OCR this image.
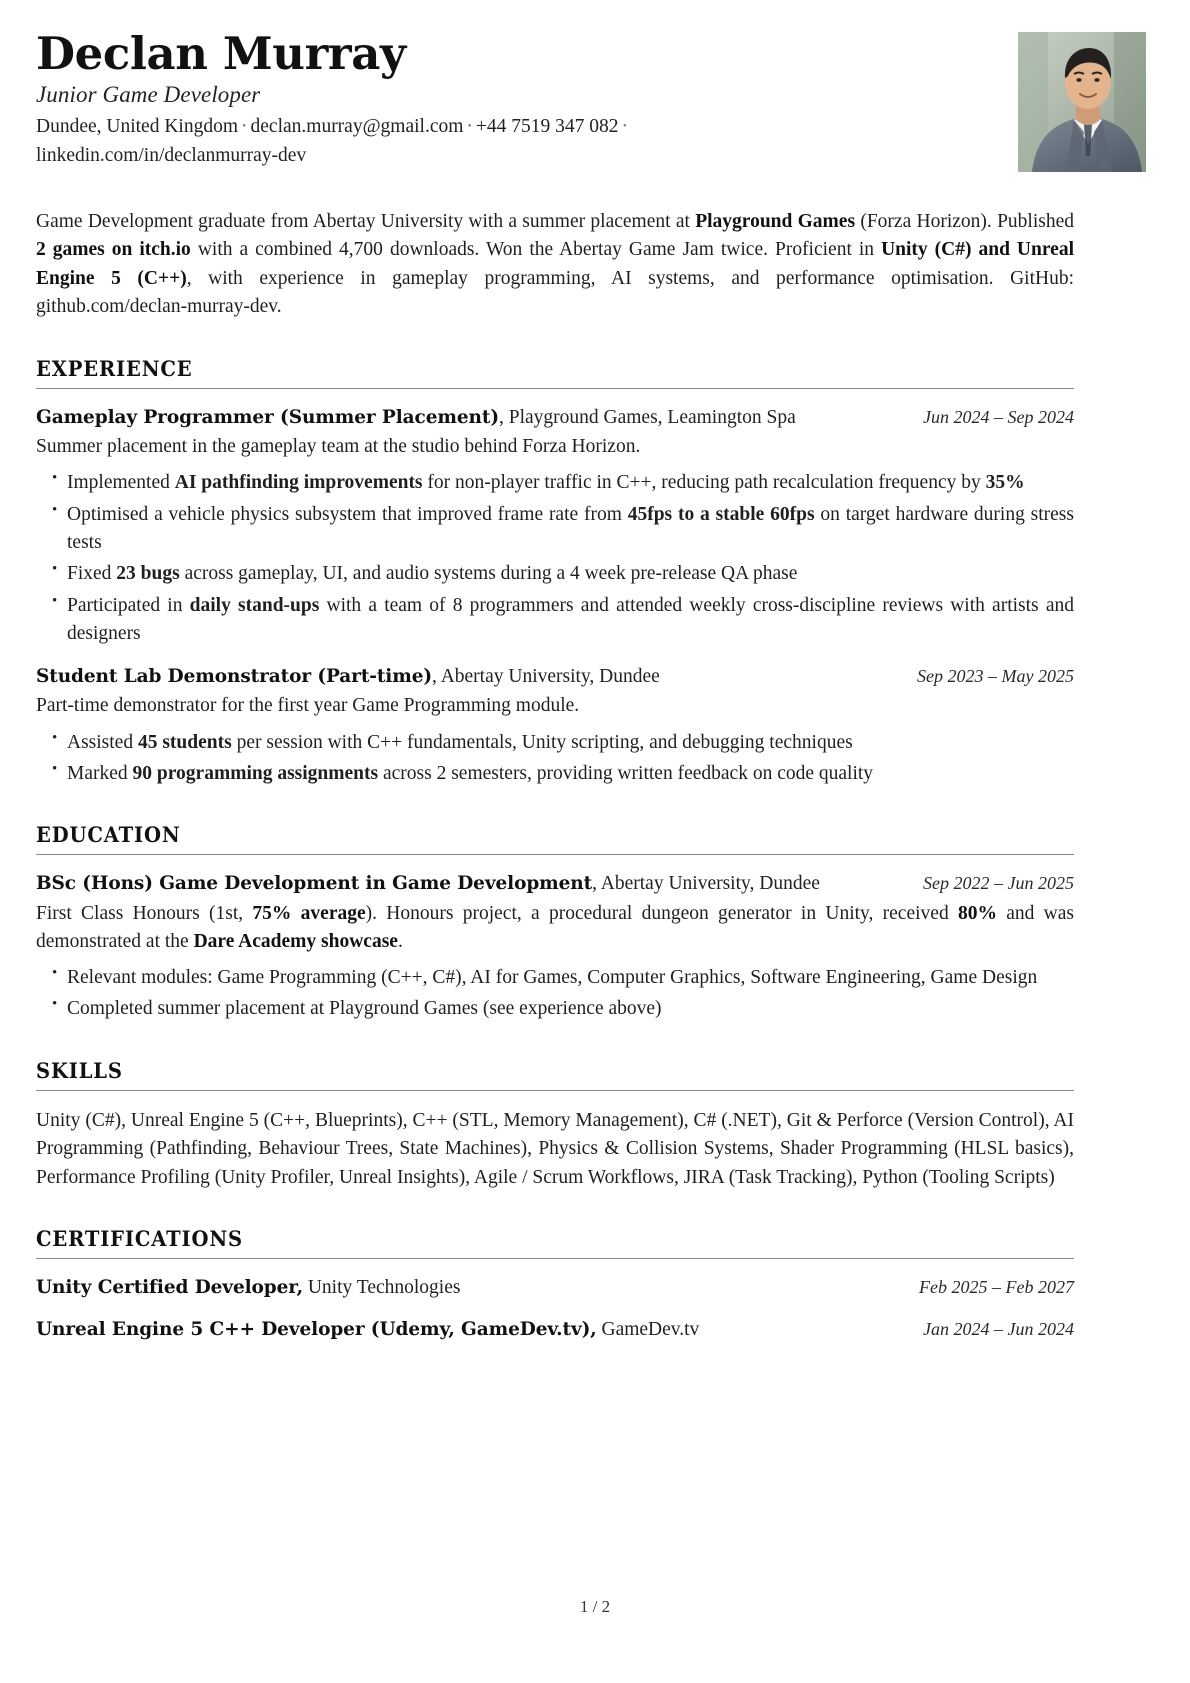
Declan Murray
Junior Game Developer
Dundee, United Kingdom · declan.murray@gmail.com · +44 7519 347 082 · linkedin.com/in/declanmurray-dev
Game Development graduate from Abertay University with a summer placement at Playground Games (Forza Horizon). Published 2 games on itch.io with a combined 4,700 downloads. Won the Abertay Game Jam twice. Proficient in Unity (C#) and Unreal Engine 5 (C++), with experience in gameplay programming, AI systems, and performance optimisation. GitHub: github.com/declan-murray-dev.
EXPERIENCE
Gameplay Programmer (Summer Placement), Playground Games, Leamington Spa	Jun 2024 – Sep 2024
Summer placement in the gameplay team at the studio behind Forza Horizon.
• Implemented AI pathfinding improvements for non-player traffic in C++, reducing path recalculation frequency by 35%
• Optimised a vehicle physics subsystem that improved frame rate from 45fps to a stable 60fps on target hardware during stress tests
• Fixed 23 bugs across gameplay, UI, and audio systems during a 4 week pre-release QA phase
• Participated in daily stand-ups with a team of 8 programmers and attended weekly cross-discipline reviews with artists and designers
Student Lab Demonstrator (Part-time), Abertay University, Dundee	Sep 2023 – May 2025
Part-time demonstrator for the first year Game Programming module.
• Assisted 45 students per session with C++ fundamentals, Unity scripting, and debugging techniques
• Marked 90 programming assignments across 2 semesters, providing written feedback on code quality
EDUCATION
BSc (Hons) Game Development in Game Development, Abertay University, Dundee	Sep 2022 – Jun 2025
First Class Honours (1st, 75% average). Honours project, a procedural dungeon generator in Unity, received 80% and was demonstrated at the Dare Academy showcase.
• Relevant modules: Game Programming (C++, C#), AI for Games, Computer Graphics, Software Engineering, Game Design
• Completed summer placement at Playground Games (see experience above)
SKILLS
Unity (C#), Unreal Engine 5 (C++, Blueprints), C++ (STL, Memory Management), C# (.NET), Git & Perforce (Version Control), AI Programming (Pathfinding, Behaviour Trees, State Machines), Physics & Collision Systems, Shader Programming (HLSL basics), Performance Profiling (Unity Profiler, Unreal Insights), Agile / Scrum Workflows, JIRA (Task Tracking), Python (Tooling Scripts)
CERTIFICATIONS
Unity Certified Developer, Unity Technologies	Feb 2025 – Feb 2027
Unreal Engine 5 C++ Developer (Udemy, GameDev.tv), GameDev.tv	Jan 2024 – Jun 2024
1 / 2
